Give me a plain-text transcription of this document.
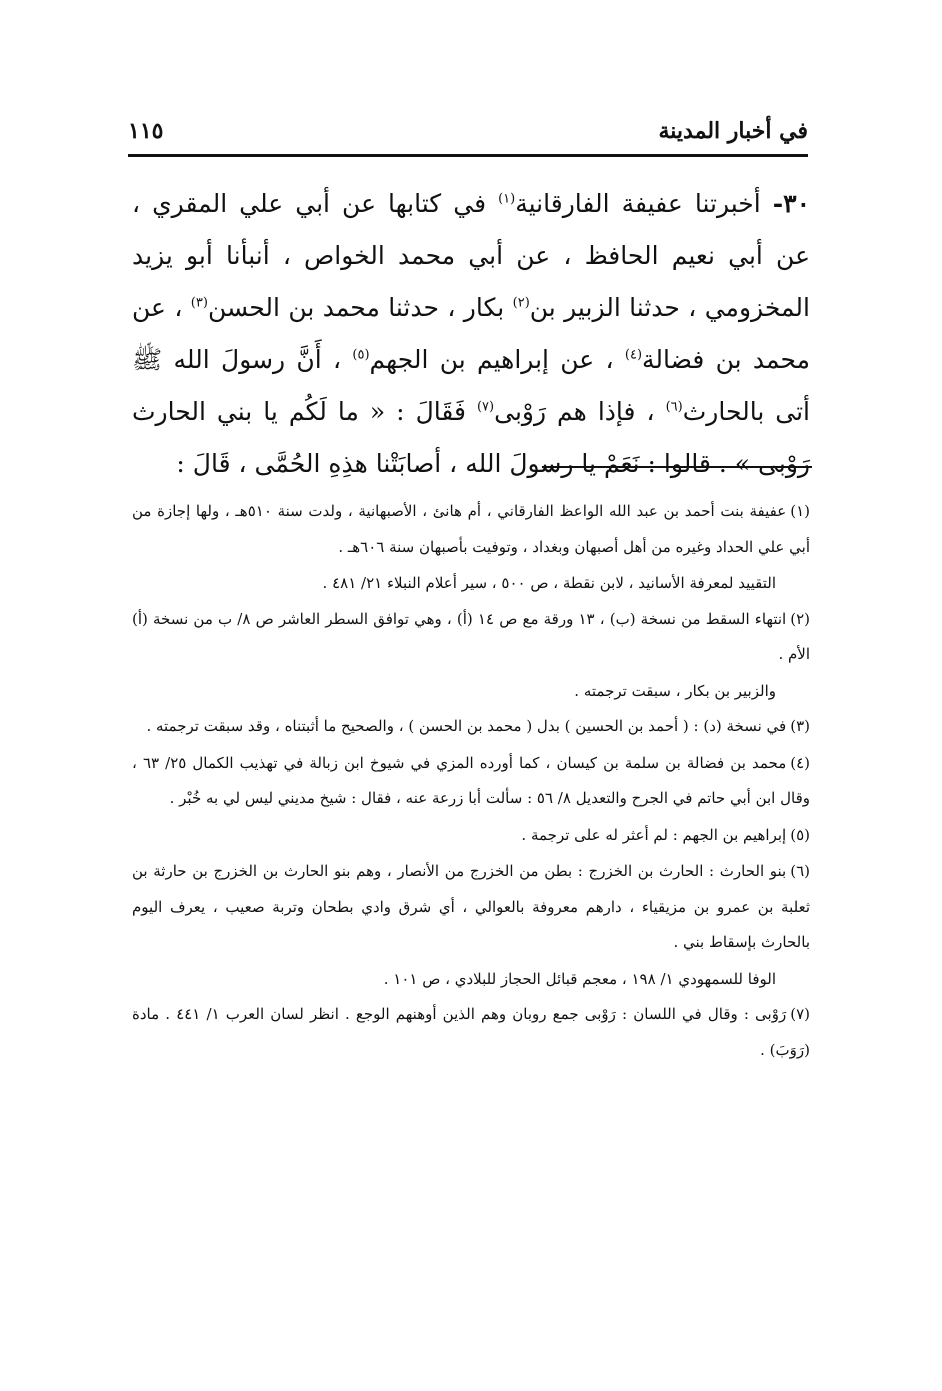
في أخبار المدينة
١١٥

٣٠- أخبرتنا عفيفة الفارقانية$^{(١)}$ في كتابها عن أبي علي المقري ، عن أبي نعيم الحافظ ، عن أبي محمد الخواص ، أنبأنا أبو يزيد المخزومي ، حدثنا الزبير بن$^{(٢)}$ بكار ، حدثنا محمد بن الحسن$^{(٣)}$ ، عن محمد بن فضالة$^{(٤)}$ ، عن إبراهيم بن الجهم$^{(٥)}$ ، أَنَّ رسولَ الله ﷺ أتى بالحارث$^{(٦)}$ ، فإذا هم رَوْبى$^{(٧)}$ فَقَالَ : « ما لَكُم يا بني الحارث رَوْبى » . قالوا : نَعَمْ يا رسولَ الله ، أصابَتْنا هذِهِ الحُمَّى ، قَالَ :

(١)عفيفة بنت أحمد بن عبد الله الواعظ الفارقاني ، أم هانئ ، الأصبهانية ، ولدت سنة ٥١٠هـ ، ولها إجازة من أبي علي الحداد وغيره من أهل أصبهان وبغداد ، وتوفيت بأصبهان سنة ٦٠٦هـ .

التقييد لمعرفة الأسانيد ، لابن نقطة ، ص ٥٠٠ ، سير أعلام النبلاء ٢١/ ٤٨١ .

(٢)انتهاء السقط من نسخة (ب) ، ١٣ ورقة مع ص ١٤ (أ) ، وهي توافق السطر العاشر ص ٨/ ب من نسخة (أ) الأم .

والزبير بن بكار ، سبقت ترجمته .

(٣)في نسخة (د) : ( أحمد بن الحسين ) بدل ( محمد بن الحسن ) ، والصحيح ما أثبتناه ، وقد سبقت ترجمته .

(٤)محمد بن فضالة بن سلمة بن كيسان ، كما أورده المزي في شيوخ ابن زبالة في تهذيب الكمال ٢٥/ ٦٣ ، وقال ابن أبي حاتم في الجرح والتعديل ٨/ ٥٦ : سألت أبا زرعة عنه ، فقال : شيخ مديني ليس لي به خُبْر .

(٥)إبراهيم بن الجهم : لم أعثر له على ترجمة .

(٦)بنو الحارث : الحارث بن الخزرج : بطن من الخزرج من الأنصار ، وهم بنو الحارث بن الخزرج بن حارثة بن ثعلبة بن عمرو بن مزيقياء ، دارهم معروفة بالعوالي ، أي شرق وادي بطحان وتربة صعيب ، يعرف اليوم بالحارث بإسقاط بني .

الوفا للسمهودي ١/ ١٩٨ ، معجم قبائل الحجاز للبلادي ، ص ١٠١ .

(٧)رَوْبى : وقال في اللسان : رَوْبى جمع روبان وهم الذين أوهنهم الوجع . انظر لسان العرب ١/ ٤٤١ . مادة (رَوَبَ) .
